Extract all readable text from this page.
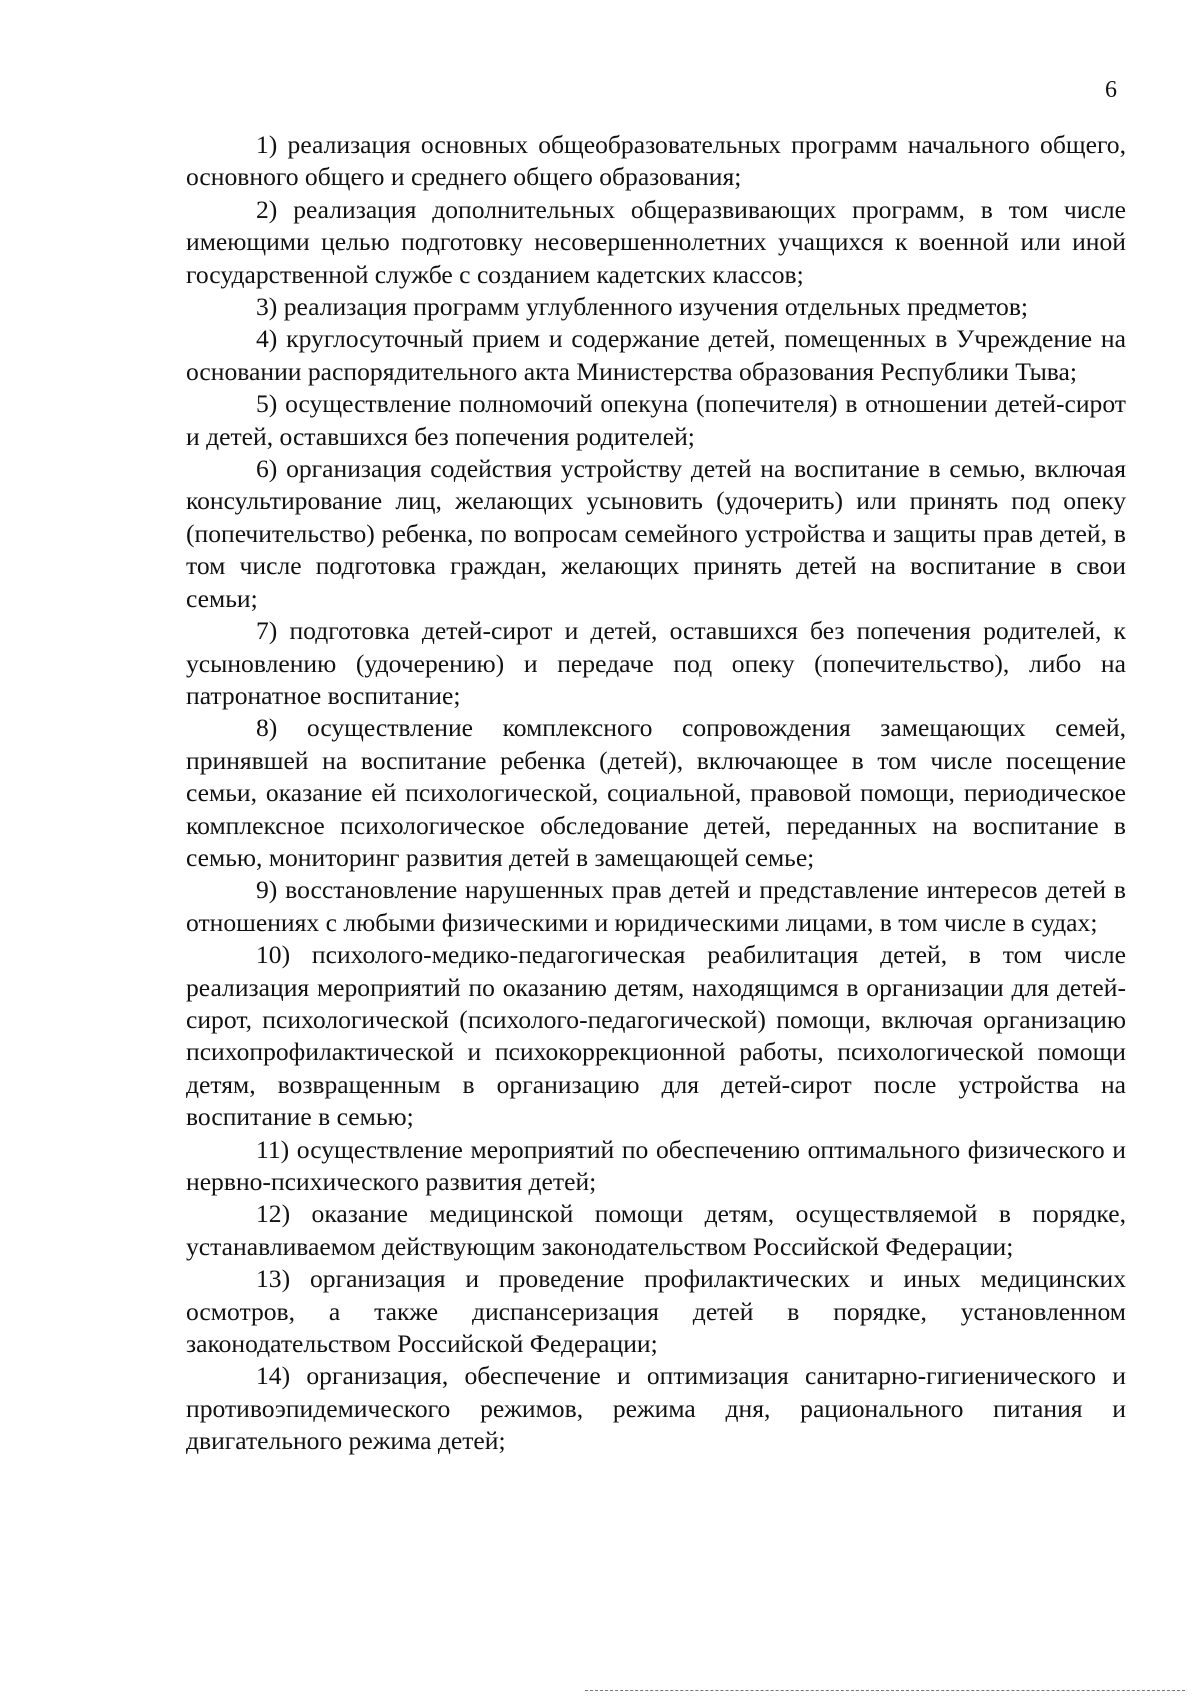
6

1) реализация основных общеобразовательных программ начального общего, основного общего и среднего общего образования;

2) реализация дополнительных общеразвивающих программ, в том числе имеющими целью подготовку несовершеннолетних учащихся к военной или иной государственной службе с созданием кадетских классов;

3) реализация программ углубленного изучения отдельных предметов;

4) круглосуточный прием и содержание детей, помещенных в Учреждение на основании распорядительного акта Министерства образования Республики Тыва;

5) осуществление полномочий опекуна (попечителя) в отношении детей-сирот и детей, оставшихся без попечения родителей;

6) организация содействия устройству детей на воспитание в семью, включая консультирование лиц, желающих усыновить (удочерить) или принять под опеку (попечительство) ребенка, по вопросам семейного устройства и защиты прав детей, в том числе подготовка граждан, желающих принять детей на воспитание в свои семьи;

7) подготовка детей-сирот и детей, оставшихся без попечения родителей, к усыновлению (удочерению) и передаче под опеку (попечительство), либо на патронатное воспитание;

8) осуществление комплексного сопровождения замещающих семей, принявшей на воспитание ребенка (детей), включающее в том числе посещение семьи, оказание ей психологической, социальной, правовой помощи, периодическое комплексное психологическое обследование детей, переданных на воспитание в семью, мониторинг развития детей в замещающей семье;

9) восстановление нарушенных прав детей и представление интересов детей в отношениях с любыми физическими и юридическими лицами, в том числе в судах;

10) психолого-медико-педагогическая реабилитация детей, в том числе реализация мероприятий по оказанию детям, находящимся в организации для детей-сирот, психологической (психолого-педагогической) помощи, включая организацию психопрофилактической и психокоррекционной работы, психологической помощи детям, возвращенным в организацию для детей-сирот после устройства на воспитание в семью;

11) осуществление мероприятий по обеспечению оптимального физического и нервно-психического развития детей;

12) оказание медицинской помощи детям, осуществляемой в порядке, устанавливаемом действующим законодательством Российской Федерации;

13) организация и проведение профилактических и иных медицинских осмотров, а также диспансеризация детей в порядке, установленном законодательством Российской Федерации;

14) организация, обеспечение и оптимизация санитарно-гигиенического и противоэпидемического режимов, режима дня, рационального питания и двигательного режима детей;
